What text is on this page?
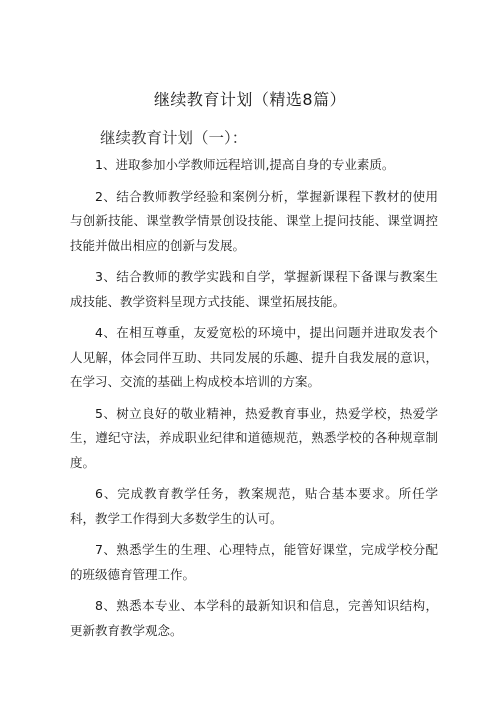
继续教育计划（精选8篇）
继续教育计划（一）：

1、进取参加小学教师远程培训,提高自身的专业素质。

2、结合教师教学经验和案例分析，掌握新课程下教材的使用与创新技能、课堂教学情景创设技能、课堂上提问技能、课堂调控技能并做出相应的创新与发展。

3、结合教师的教学实践和自学，掌握新课程下备课与教案生成技能、教学资料呈现方式技能、课堂拓展技能。

4、在相互尊重，友爱宽松的环境中，提出问题并进取发表个人见解，体会同伴互助、共同发展的乐趣、提升自我发展的意识，在学习、交流的基础上构成校本培训的方案。

5、树立良好的敬业精神，热爱教育事业，热爱学校，热爱学生，遵纪守法，养成职业纪律和道德规范，熟悉学校的各种规章制度。

6、完成教育教学任务，教案规范，贴合基本要求。所任学科，教学工作得到大多数学生的认可。

7、熟悉学生的生理、心理特点，能管好课堂，完成学校分配的班级德育管理工作。

8、熟悉本专业、本学科的最新知识和信息，完善知识结构，更新教育教学观念。
